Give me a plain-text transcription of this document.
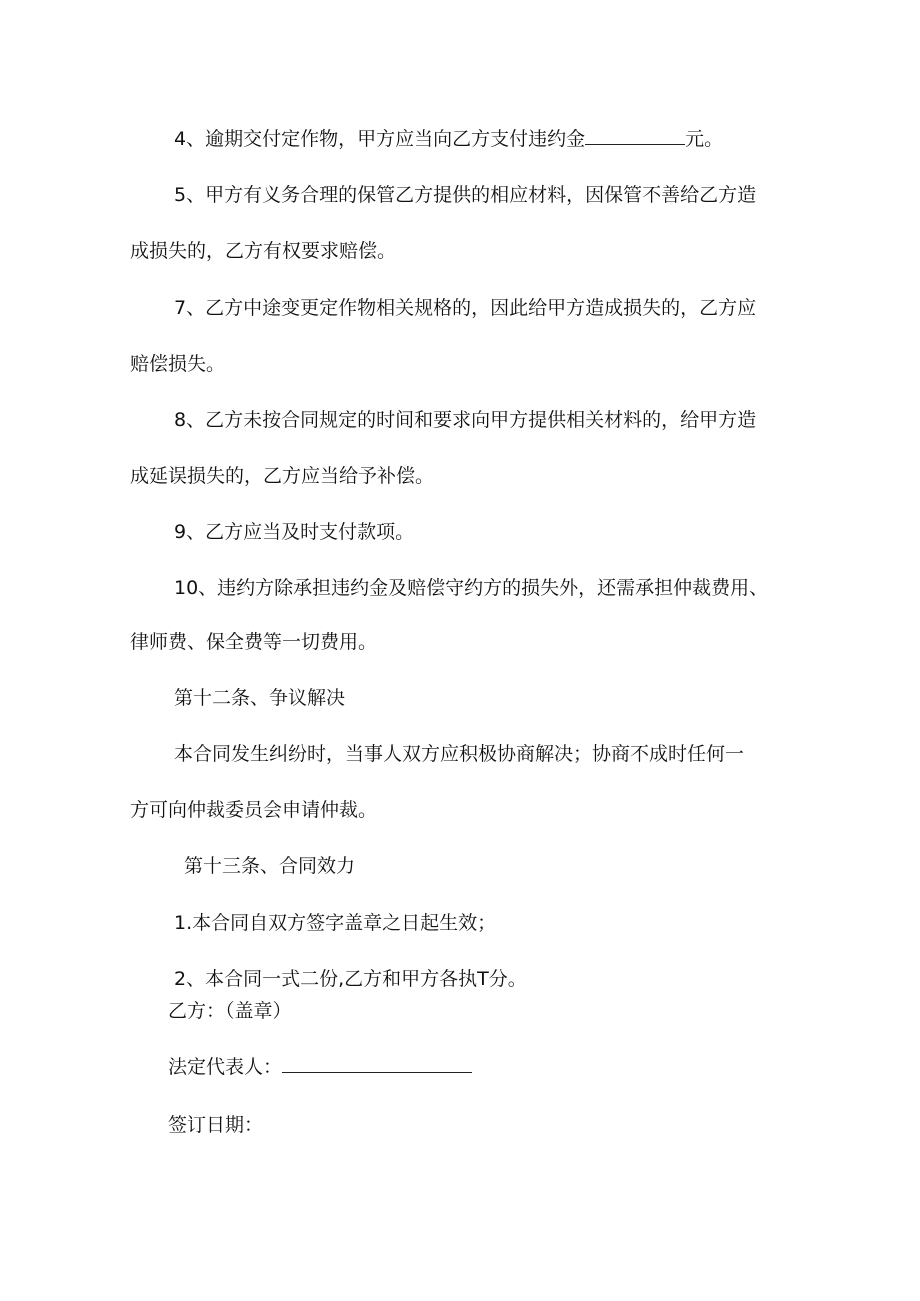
4、逾期交付定作物，甲方应当向乙方支付违约金	元。
5、甲方有义务合理的保管乙方提供的相应材料，因保管不善给乙方造
成损失的，乙方有权要求赔偿。
7、乙方中途变更定作物相关规格的，因此给甲方造成损失的，乙方应
赔偿损失。
8、乙方未按合同规定的时间和要求向甲方提供相关材料的，给甲方造
成延误损失的，乙方应当给予补偿。
9、乙方应当及时支付款项。
10、违约方除承担违约金及赔偿守约方的损失外，还需承担仲裁费用、
律师费、保全费等一切费用。
第十二条、争议解决
本合同发生纠纷时，当事人双方应积极协商解决；协商不成时任何一
方可向仲裁委员会申请仲裁。
第十三条、合同效力
1.本合同自双方签字盖章之日起生效；
2、本合同一式二份,乙方和甲方各执T分。
乙方：（盖章）
法定代表人：
签订日期：
